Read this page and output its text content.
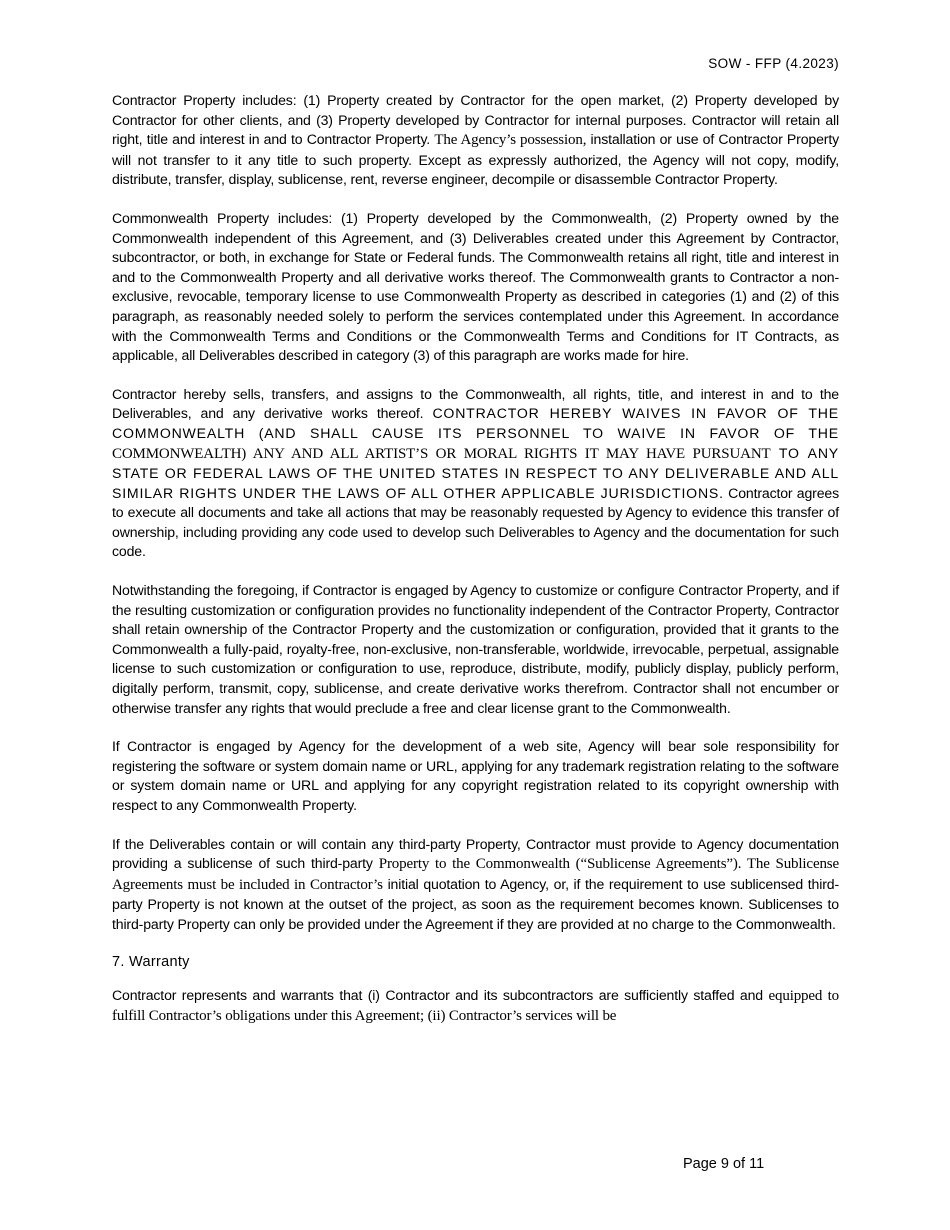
SOW - FFP (4.2023)

Contractor Property includes: (1) Property created by Contractor for the open market, (2) Property developed by Contractor for other clients, and (3) Property developed by Contractor for internal purposes. Contractor will retain all right, title and interest in and to Contractor Property. The Agency’s possession, installation or use of Contractor Property will not transfer to it any title to such property. Except as expressly authorized, the Agency will not copy, modify, distribute, transfer, display, sublicense, rent, reverse engineer, decompile or disassemble Contractor Property.

Commonwealth Property includes: (1) Property developed by the Commonwealth, (2) Property owned by the Commonwealth independent of this Agreement, and (3) Deliverables created under this Agreement by Contractor, subcontractor, or both, in exchange for State or Federal funds. The Commonwealth retains all right, title and interest in and to the Commonwealth Property and all derivative works thereof. The Commonwealth grants to Contractor a non-exclusive, revocable, temporary license to use Commonwealth Property as described in categories (1) and (2) of this paragraph, as reasonably needed solely to perform the services contemplated under this Agreement. In accordance with the Commonwealth Terms and Conditions or the Commonwealth Terms and Conditions for IT Contracts, as applicable, all Deliverables described in category (3) of this paragraph are works made for hire.

Contractor hereby sells, transfers, and assigns to the Commonwealth, all rights, title, and interest in and to the Deliverables, and any derivative works thereof. CONTRACTOR HEREBY WAIVES IN FAVOR OF THE COMMONWEALTH (AND SHALL CAUSE ITS PERSONNEL TO WAIVE IN FAVOR OF THE COMMONWEALTH) ANY AND ALL ARTIST’S OR MORAL RIGHTS IT MAY HAVE PURSUANT TO ANY STATE OR FEDERAL LAWS OF THE UNITED STATES IN RESPECT TO ANY DELIVERABLE AND ALL SIMILAR RIGHTS UNDER THE LAWS OF ALL OTHER APPLICABLE JURISDICTIONS. Contractor agrees to execute all documents and take all actions that may be reasonably requested by Agency to evidence this transfer of ownership, including providing any code used to develop such Deliverables to Agency and the documentation for such code.

Notwithstanding the foregoing, if Contractor is engaged by Agency to customize or configure Contractor Property, and if the resulting customization or configuration provides no functionality independent of the Contractor Property, Contractor shall retain ownership of the Contractor Property and the customization or configuration, provided that it grants to the Commonwealth a fully-paid, royalty-free, non-exclusive, non-transferable, worldwide, irrevocable, perpetual, assignable license to such customization or configuration to use, reproduce, distribute, modify, publicly display, publicly perform, digitally perform, transmit, copy, sublicense, and create derivative works therefrom. Contractor shall not encumber or otherwise transfer any rights that would preclude a free and clear license grant to the Commonwealth.

If Contractor is engaged by Agency for the development of a web site, Agency will bear sole responsibility for registering the software or system domain name or URL, applying for any trademark registration relating to the software or system domain name or URL and applying for any copyright registration related to its copyright ownership with respect to any Commonwealth Property.

If the Deliverables contain or will contain any third-party Property, Contractor must provide to Agency documentation providing a sublicense of such third-party Property to the Commonwealth (“Sublicense Agreements”). The Sublicense Agreements must be included in Contractor’s initial quotation to Agency, or, if the requirement to use sublicensed third-party Property is not known at the outset of the project, as soon as the requirement becomes known. Sublicenses to third-party Property can only be provided under the Agreement if they are provided at no charge to the Commonwealth.

7. Warranty

Contractor represents and warrants that (i) Contractor and its subcontractors are sufficiently staffed and equipped to fulfill Contractor’s obligations under this Agreement; (ii) Contractor’s services will be

Page 9 of 11
